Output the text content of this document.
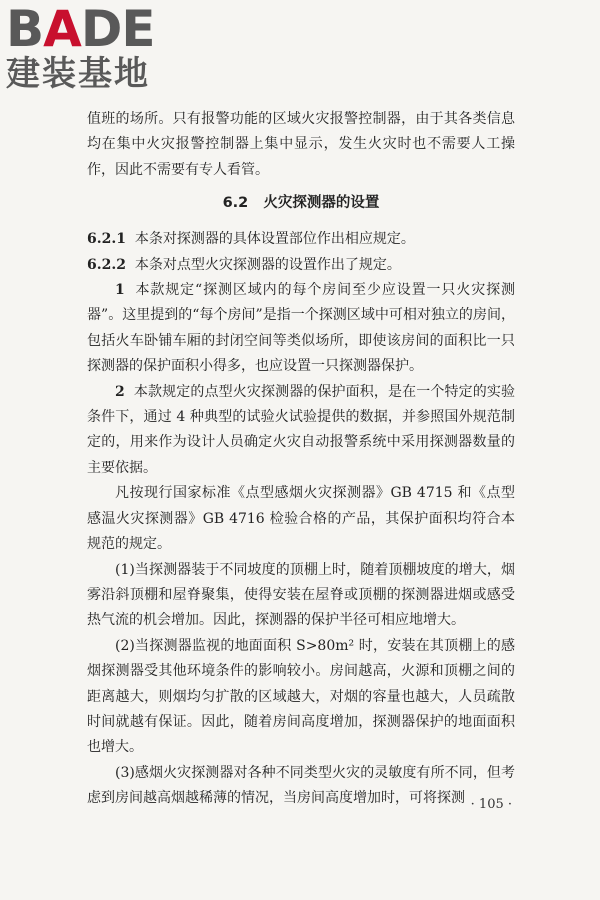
BADE
建装基地

值班的场所。只有报警功能的区域火灾报警控制器，由于其各类信息均在集中火灾报警控制器上集中显示，发生火灾时也不需要人工操作，因此不需要有专人看管。

6.2 火灾探测器的设置

6.2.1 本条对探测器的具体设置部位作出相应规定。

6.2.2 本条对点型火灾探测器的设置作出了规定。

1 本款规定“探测区域内的每个房间至少应设置一只火灾探测器”。这里提到的“每个房间”是指一个探测区域中可相对独立的房间，包括火车卧铺车厢的封闭空间等类似场所，即使该房间的面积比一只探测器的保护面积小得多，也应设置一只探测器保护。

2 本款规定的点型火灾探测器的保护面积，是在一个特定的实验条件下，通过 4 种典型的试验火试验提供的数据，并参照国外规范制定的，用来作为设计人员确定火灾自动报警系统中采用探测器数量的主要依据。

凡按现行国家标准《点型感烟火灾探测器》GB 4715 和《点型感温火灾探测器》GB 4716 检验合格的产品，其保护面积均符合本规范的规定。

(1)当探测器装于不同坡度的顶棚上时，随着顶棚坡度的增大，烟雾沿斜顶棚和屋脊聚集，使得安装在屋脊或顶棚的探测器进烟或感受热气流的机会增加。因此，探测器的保护半径可相应地增大。

(2)当探测器监视的地面面积 S>80m² 时，安装在其顶棚上的感烟探测器受其他环境条件的影响较小。房间越高，火源和顶棚之间的距离越大，则烟均匀扩散的区域越大，对烟的容量也越大，人员疏散时间就越有保证。因此，随着房间高度增加，探测器保护的地面面积也增大。

(3)感烟火灾探测器对各种不同类型火灾的灵敏度有所不同，但考虑到房间越高烟越稀薄的情况，当房间高度增加时，可将探测 · 105 ·
